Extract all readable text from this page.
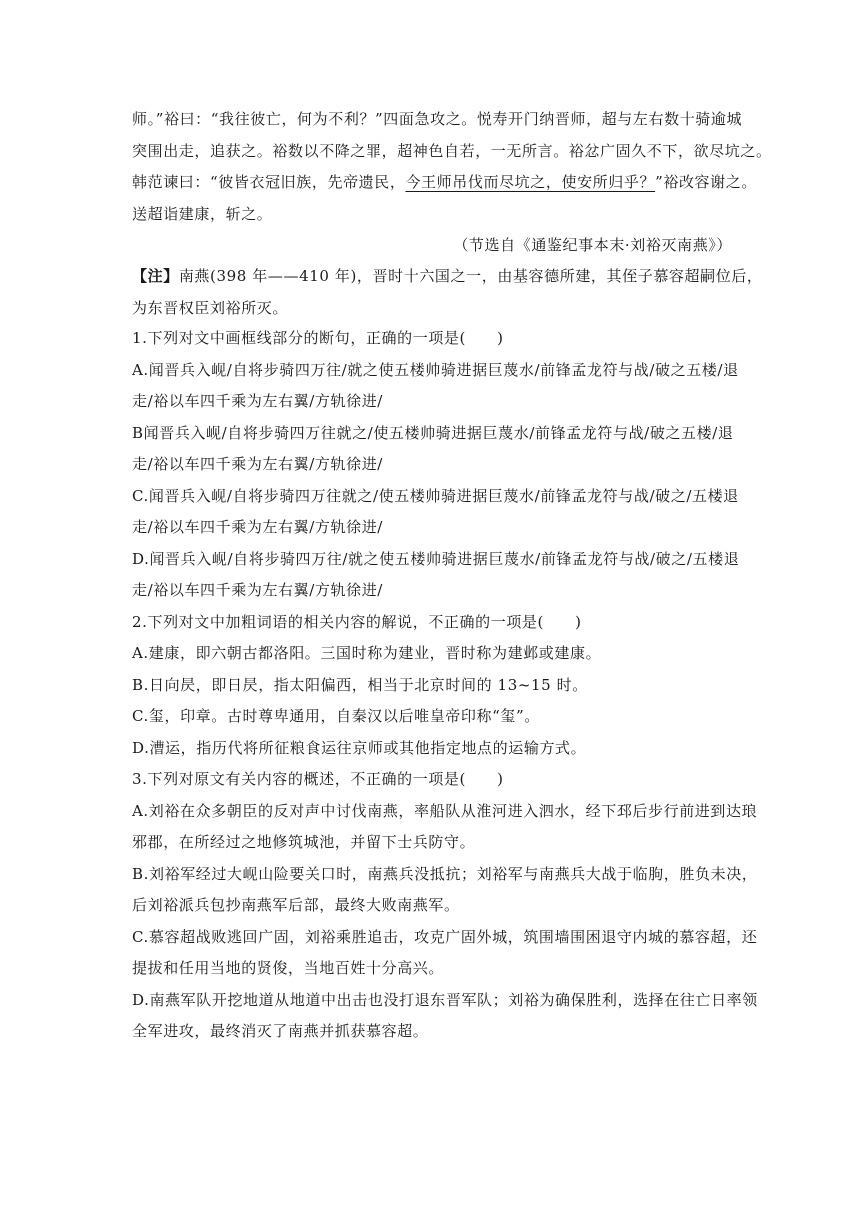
师。”裕曰：“我往彼亡，何为不利？”四面急攻之。悦寿开门纳晋师，超与左右数十骑逾城
突围出走，追获之。裕数以不降之罪，超神色自若，一无所言。裕忿广固久不下，欲尽坑之。
韩范谏曰：“彼皆衣冠旧族，先帝遗民，今王师吊伐而尽坑之，使安所归乎？”裕改容谢之。
送超诣建康，斩之。
（节选自《通鉴纪事本末·刘裕灭南燕》）
【注】南燕(398 年——410 年)，晋时十六国之一，由基容德所建，其侄子慕容超嗣位后，
为东晋权臣刘裕所灭。
1.下列对文中画框线部分的断句，正确的一项是(　　)
A.闻晋兵入岘/自将步骑四万往/就之使五楼帅骑进据巨蔑水/前锋孟龙符与战/破之五楼/退
走/裕以车四千乘为左右翼/方轨徐进/
B闻晋兵入岘/自将步骑四万往就之/使五楼帅骑进据巨蔑水/前锋孟龙符与战/破之五楼/退
走/裕以车四千乘为左右翼/方轨徐进/
C.闻晋兵入岘/自将步骑四万往就之/使五楼帅骑进据巨蔑水/前锋孟龙符与战/破之/五楼退
走/裕以车四千乘为左右翼/方轨徐进/
D.闻晋兵入岘/自将步骑四万往/就之使五楼帅骑进据巨蔑水/前锋孟龙符与战/破之/五楼退
走/裕以车四千乘为左右翼/方轨徐进/
2.下列对文中加粗词语的相关内容的解说，不正确的一项是(　　)
A.建康，即六朝古都洛阳。三国时称为建业，晋时称为建邺或建康。
B.日向昃，即日昃，指太阳偏西，相当于北京时间的 13~15 时。
C.玺，印章。古时尊卑通用，自秦汉以后唯皇帝印称“玺”。
D.漕运，指历代将所征粮食运往京师或其他指定地点的运输方式。
3.下列对原文有关内容的概述，不正确的一项是(　　)
A.刘裕在众多朝臣的反对声中讨伐南燕，率船队从淮河进入泗水，经下邳后步行前进到达琅
邪郡，在所经过之地修筑城池，并留下士兵防守。
B.刘裕军经过大岘山险要关口时，南燕兵没抵抗；刘裕军与南燕兵大战于临朐，胜负未决，
后刘裕派兵包抄南燕军后部，最终大败南燕军。
C.慕容超战败逃回广固，刘裕乘胜追击，攻克广固外城，筑围墙围困退守内城的慕容超，还
提拔和任用当地的贤俊，当地百姓十分高兴。
D.南燕军队开挖地道从地道中出击也没打退东晋军队；刘裕为确保胜利，选择在往亡日率领
全军进攻，最终消灭了南燕并抓获慕容超。
